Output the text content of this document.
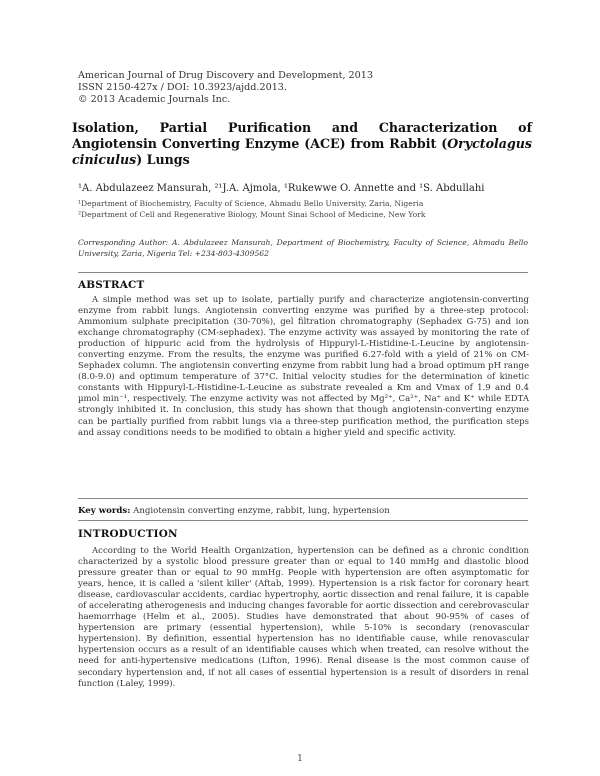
American Journal of Drug Discovery and Development, 2013
ISSN 2150-427x / DOI: 10.3923/ajdd.2013.
© 2013 Academic Journals Inc.
Isolation, Partial Purification and Characterization of Angiotensin Converting Enzyme (ACE) from Rabbit (Oryctolagus ciniculus) Lungs
¹A. Abdulazeez Mansurah, ²¹J.A. Ajmola, ¹Rukewwe O. Annette and ¹S. Abdullahi
¹Department of Biochemistry, Faculty of Science, Ahmadu Bello University, Zaria, Nigeria
²Department of Cell and Regenerative Biology, Mount Sinai School of Medicine, New York
Corresponding Author: A. Abdulazeez Mansurah, Department of Biochemistry, Faculty of Science, Ahmadu Bello University, Zaria, Nigeria Tel: +234-803-4309562
ABSTRACT

A simple method was set up to isolate, partially purify and characterize angiotensin-converting enzyme from rabbit lungs. Angiotensin converting enzyme was purified by a three-step protocol: Ammonium sulphate precipitation (30-70%), gel filtration chromatography (Sephadex G-75) and ion exchange chromatography (CM-sephadex). The enzyme activity was assayed by monitoring the rate of production of hippuric acid from the hydrolysis of Hippuryl-L-Histidine-L-Leucine by angiotensin-converting enzyme. From the results, the enzyme was purified 6.27-fold with a yield of 21% on CM-Sephadex column. The angiotensin converting enzyme from rabbit lung had a broad optimum pH range (8.0-9.0) and optimum temperature of 37°C. Initial velocity studies for the determination of kinetic constants with Hippuryl-L-Histidine-L-Leucine as substrate revealed a Km and Vmax of 1.9 and 0.4 µmol min⁻¹, respectively. The enzyme activity was not affected by Mg²⁺, Ca²⁺, Na⁺ and K⁺ while EDTA strongly inhibited it. In conclusion, this study has shown that though angiotensin-converting enzyme can be partially purified from rabbit lungs via a three-step purification method, the purification steps and assay conditions needs to be modified to obtain a higher yield and specific activity.

Key words: Angiotensin converting enzyme, rabbit, lung, hypertension
INTRODUCTION

According to the World Health Organization, hypertension can be defined as a chronic condition characterized by a systolic blood pressure greater than or equal to 140 mmHg and diastolic blood pressure greater than or equal to 90 mmHg. People with hypertension are often asymptomatic for years, hence, it is called a 'silent killer' (Aftab, 1999). Hypertension is a risk factor for coronary heart disease, cardiovascular accidents, cardiac hypertrophy, aortic dissection and renal failure, it is capable of accelerating atherogenesis and inducing changes favorable for aortic dissection and cerebrovascular haemorrhage (Helm et al., 2005). Studies have demonstrated that about 90-95% of cases of hypertension are primary (essential hypertension), while 5-10% is secondary (renovascular hypertension). By definition, essential hypertension has no identifiable cause, while renovascular hypertension occurs as a result of an identifiable causes which when treated, can resolve without the need for anti-hypertensive medications (Lifton, 1996). Renal disease is the most common cause of secondary hypertension and, if not all cases of essential hypertension is a result of disorders in renal function (Laley, 1999).

1
